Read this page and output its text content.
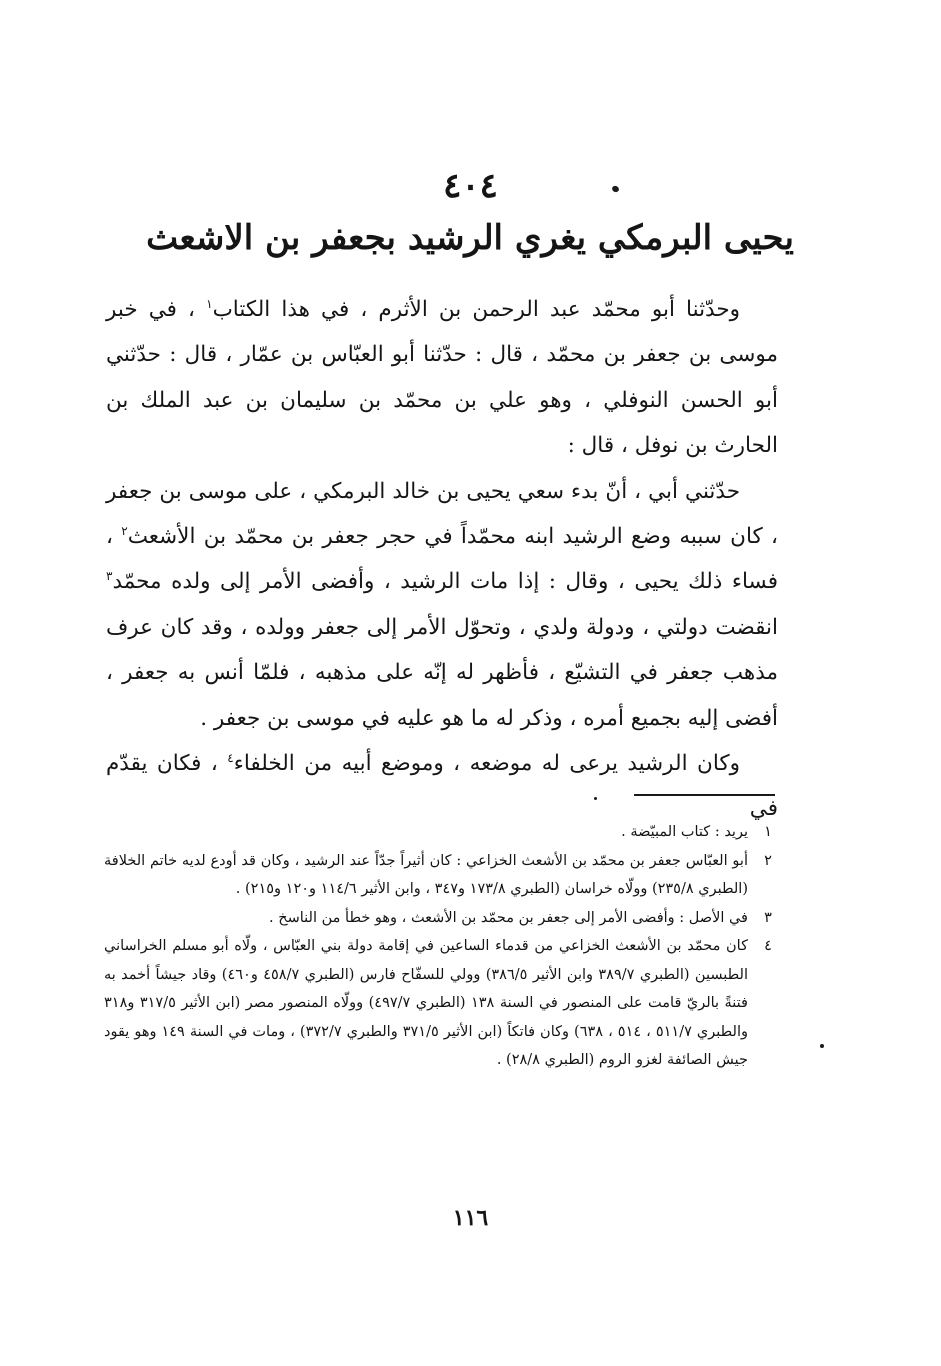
٤٠٤
يحيى البرمكي يغري الرشيد بجعفر بن الاشعث

وحدّثنا أبو محمّد عبد الرحمن بن الأثرم ، في هذا الكتاب$^١$ ، في خبر موسى بن جعفر بن محمّد ، قال : حدّثنا أبو العبّاس بن عمّار ، قال : حدّثني أبو الحسن النوفلي ، وهو علي بن محمّد بن سليمان بن عبد الملك بن الحارث بن نوفل ، قال :

حدّثني أبي ، أنّ بدء سعي يحيى بن خالد البرمكي ، على موسى بن جعفر ، كان سببه وضع الرشيد ابنه محمّداً في حجر جعفر بن محمّد بن الأشعث$^٢$ ، فساء ذلك يحيى ، وقال : إذا مات الرشيد ، وأفضى الأمر إلى ولده محمّد$^٣$ انقضت دولتي ، ودولة ولدي ، وتحوّل الأمر إلى جعفر وولده ، وقد كان عرف مذهب جعفر في التشيّع ، فأظهر له إنّه على مذهبه ، فلمّا أنس به جعفر ، أفضى إليه بجميع أمره ، وذكر له ما هو عليه في موسى بن جعفر .

وكان الرشيد يرعى له موضعه ، وموضع أبيه من الخلفاء$^٤$ ، فكان يقدّم في

١
يريد : كتاب المبيّضة .
٢
أبو العبّاس جعفر بن محمّد بن الأشعث الخزاعي : كان أثيراً جدّاً عند الرشيد ، وكان قد أودع لديه خاتم الخلافة (الطبري ٢٣٥/٨) وولّاه خراسان (الطبري ١٧٣/٨ و٣٤٧ ، وابن الأثير ١١٤/٦ و١٢٠ و٢١٥) .
٣
في الأصل : وأفضى الأمر إلى جعفر بن محمّد بن الأشعث ، وهو خطأ من الناسخ .
٤
كان محمّد بن الأشعث الخزاعي من قدماء الساعين في إقامة دولة بني العبّاس ، ولّاه أبو مسلم الخراساني الطبسين (الطبري ٣٨٩/٧ وابن الأثير ٣٨٦/٥) وولي للسفّاح فارس (الطبري ٤٥٨/٧ و٤٦٠) وقاد جيشاً أخمد به فتنةً بالريّ قامت على المنصور في السنة ١٣٨ (الطبري ٤٩٧/٧) وولّاه المنصور مصر (ابن الأثير ٣١٧/٥ و٣١٨ والطبري ٥١١/٧ ، ٥١٤ ، ٦٣٨) وكان فاتكاً (ابن الأثير ٣٧١/٥ والطبري ٣٧٢/٧) ، ومات في السنة ١٤٩ وهو يقود جيش الصائفة لغزو الروم (الطبري ٢٨/٨) .
١١٦
